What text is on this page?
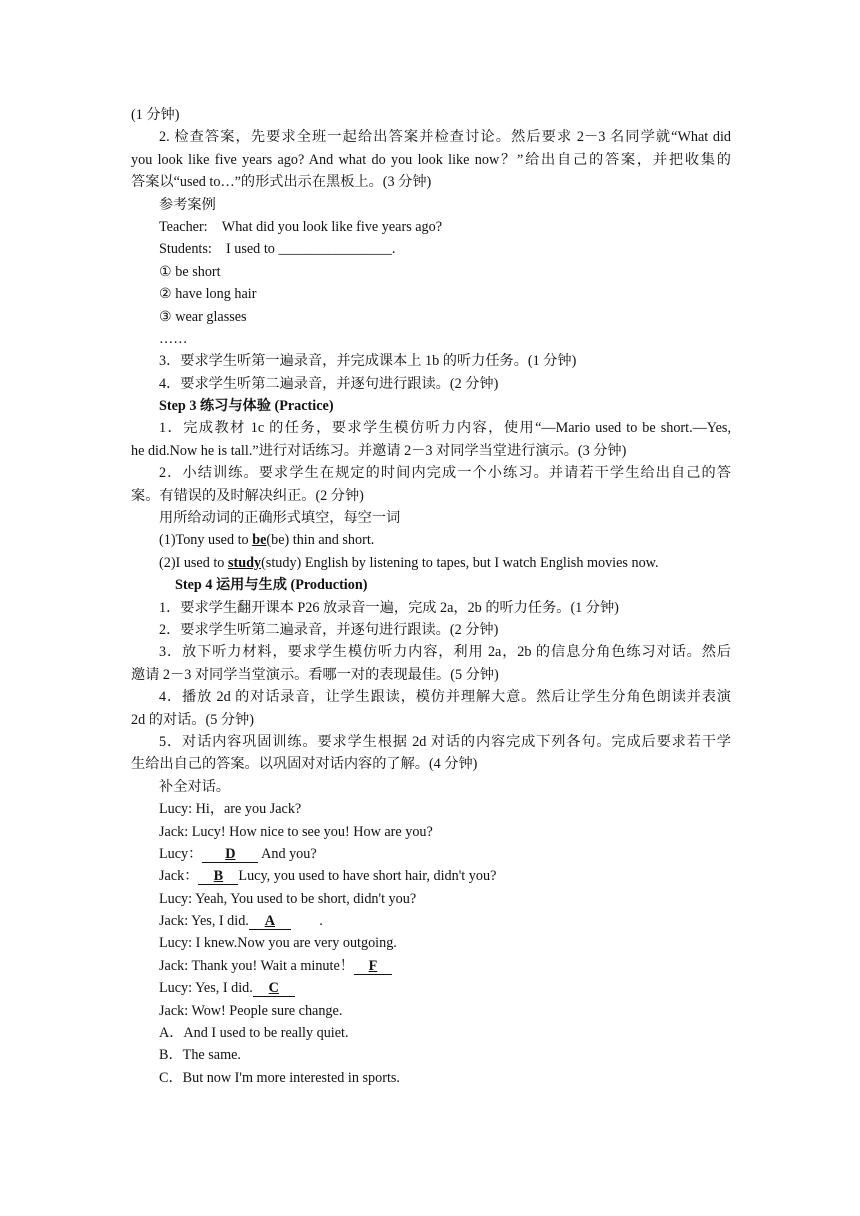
(1 分钟)
2. 检查答案，先要求全班一起给出答案并检查讨论。然后要求 2－3 名同学就“What did
you look like five years ago? And what do you look like now？”给出自己的答案，并把收集的
答案以“used to…”的形式出示在黑板上。(3 分钟)
参考案例
Teacher:　What did you look like five years ago?
Students:　I used to ________________.
① be short
② have long hair
③ wear glasses
……
3．要求学生听第一遍录音，并完成课本上 1b 的听力任务。(1 分钟)
4．要求学生听第二遍录音，并逐句进行跟读。(2 分钟)
Step 3 练习与体验 (Practice)
1．完成教材 1c 的任务，要求学生模仿听力内容，使用“—Mario used to be short.—Yes,
he did.Now he is tall.”进行对话练习。并邀请 2－3 对同学当堂进行演示。(3 分钟)
2．小结训练。要求学生在规定的时间内完成一个小练习。并请若干学生给出自己的答
案。有错误的及时解决纠正。(2 分钟)
用所给动词的正确形式填空，每空一词
(1)Tony used to be(be) thin and short.
(2)I used to study(study) English by listening to tapes, but I watch English movies now.
Step 4 运用与生成 (Production)
1．要求学生翻开课本 P26 放录音一遍，完成 2a，2b 的听力任务。(1 分钟)
2．要求学生听第二遍录音，并逐句进行跟读。(2 分钟)
3．放下听力材料，要求学生模仿听力内容，利用 2a，2b 的信息分角色练习对话。然后
邀请 2－3 对同学当堂演示。看哪一对的表现最佳。(5 分钟)
4．播放 2d 的对话录音，让学生跟读，模仿并理解大意。然后让学生分角色朗读并表演
2d 的对话。(5 分钟)
5．对话内容巩固训练。要求学生根据 2d 对话的内容完成下列各句。完成后要求若干学
生给出自己的答案。以巩固对对话内容的了解。(4 分钟)
补全对话。
Lucy: Hi，are you Jack?
Jack: Lucy! How nice to see you! How are you?
Lucy： D And you?
Jack： B Lucy, you used to have short hair, didn't you?
Lucy: Yeah, You used to be short, didn't you?
Jack: Yes, I did. A　　.
Lucy: I knew.Now you are very outgoing.
Jack: Thank you! Wait a minute！ F
Lucy: Yes, I did. C
Jack: Wow! People sure change.
A．And I used to be really quiet.
B．The same.
C．But now I'm more interested in sports.
